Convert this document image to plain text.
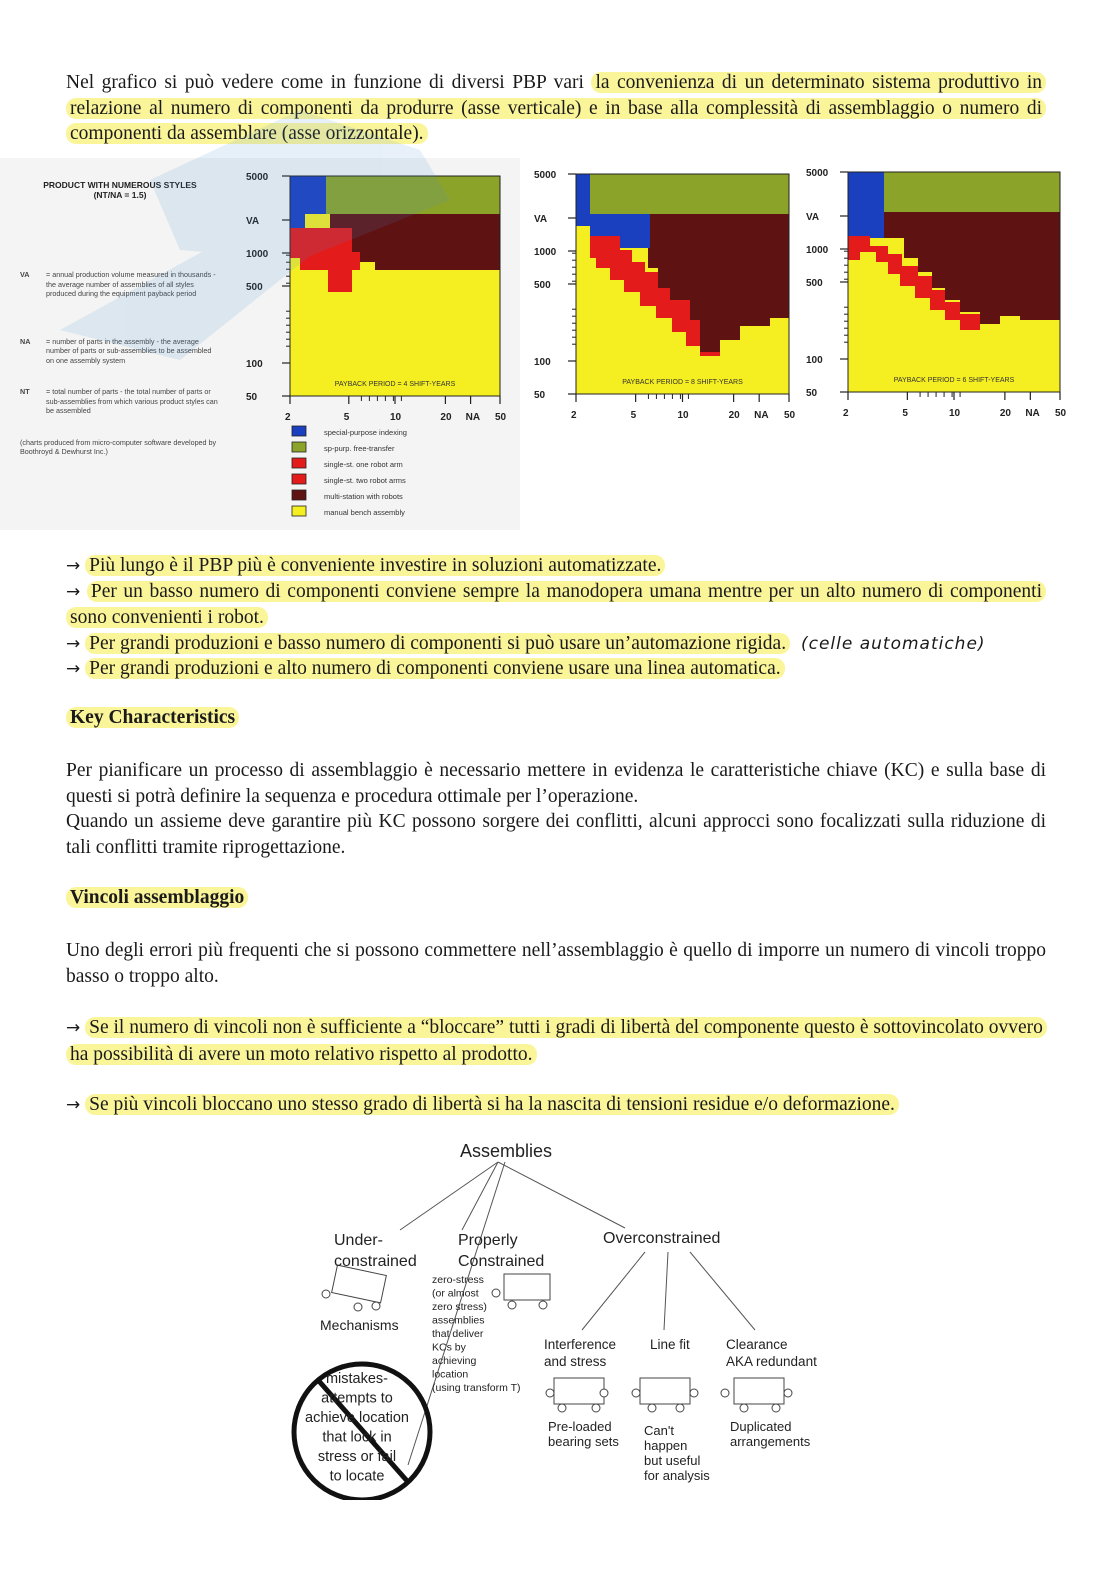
Nel grafico si può vedere come in funzione di diversi PBP vari la convenienza di un determinato sistema produttivo in relazione al numero di componenti da produrre (asse verticale) e in base alla complessità di assemblaggio o numero di componenti da assemblare (asse orizzontale).
PRODUCT WITH NUMEROUS STYLES
(NT/NA = 1.5)
VA	= annual production volume measured in thousands - the average number of assemblies of all styles produced during the equipment payback period
NA	= number of parts in the assembly - the average number of parts or sub-assemblies to be assembled on one assembly system
NT	= total number of parts - the total number of parts or sub-assemblies from which various product styles can be assembled
(charts produced from micro-computer software developed by Boothroyd & Dewhurst Inc.)
5000
VA
1000
500
100
50
2	5	10	20 NA 50
PAYBACK PERIOD = 4 SHIFT-YEARS
5000
VA
1000
500
100
50
2	5	10	20 NA 50
PAYBACK PERIOD = 8 SHIFT-YEARS
5000
VA
1000
500
100
50
2	5	10	20 NA 50
PAYBACK PERIOD = 6 SHIFT-YEARS
special-purpose indexing
sp-purp. free-transfer
single-st. one robot arm
single-st. two robot arms
multi-station with robots
manual bench assembly
→ Più lungo è il PBP più è conveniente investire in soluzioni automatizzate.
→ Per un basso numero di componenti conviene sempre la manodopera umana mentre per un alto numero di componenti sono convenienti i robot.
→ Per grandi produzioni e basso numero di componenti si può usare un’automazione rigida. (celle automatiche)
→ Per grandi produzioni e alto numero di componenti conviene usare una linea automatica.
Key Characteristics
Per pianificare un processo di assemblaggio è necessario mettere in evidenza le caratteristiche chiave (KC) e sulla base di questi si potrà definire la sequenza e procedura ottimale per l’operazione.
Quando un assieme deve garantire più KC possono sorgere dei conflitti, alcuni approcci sono focalizzati sulla riduzione di tali conflitti tramite riprogettazione.
Vincoli assemblaggio
Uno degli errori più frequenti che si possono commettere nell’assemblaggio è quello di imporre un numero di vincoli troppo basso o troppo alto.
→ Se il numero di vincoli non è sufficiente a “bloccare” tutti i gradi di libertà del componente questo è sottovincolato ovvero ha possibilità di avere un moto relativo rispetto al prodotto.
→ Se più vincoli bloccano uno stesso grado di libertà si ha la nascita di tensioni residue e/o deformazione.
Assemblies
Under-
constrained
Properly
Constrained
Overconstrained
Mechanisms
zero-stress
(or almost
zero stress)
assemblies
that deliver
KCs by
achieving
location
(using transform T)
Interference
and stress
Line fit	Clearance
AKA redundant
Pre-loaded
bearing sets
Can't
happen
but useful
for analysis
Duplicated
arrangements
mistakes-
attempts to
achieve location
that lock in
stress or fail
to locate
